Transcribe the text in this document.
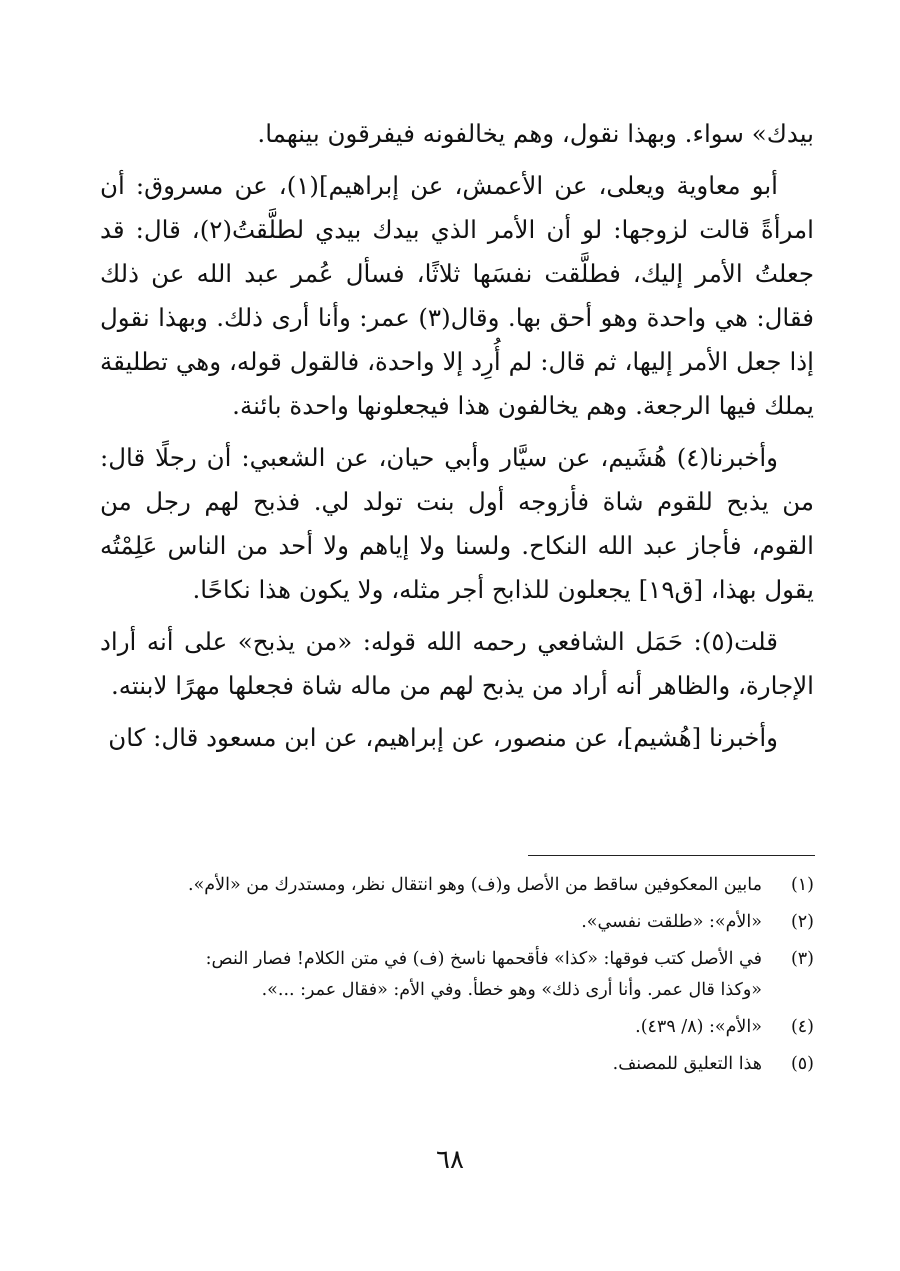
بيدك» سواء. وبهذا نقول، وهم يخالفونه فيفرقون بينهما.

أبو معاوية ويعلى، عن الأعمش، عن إبراهيم](١)، عن مسروق: أن امرأةً قالت لزوجها: لو أن الأمر الذي بيدك بيدي لطلَّقتُ(٢)، قال: قد جعلتُ الأمر إليك، فطلَّقت نفسَها ثلاثًا، فسأل عُمر عبد الله عن ذلك فقال: هي واحدة وهو أحق بها. وقال(٣) عمر: وأنا أرى ذلك. وبهذا نقول إذا جعل الأمر إليها، ثم قال: لم أُرِد إلا واحدة، فالقول قوله، وهي تطليقة يملك فيها الرجعة. وهم يخالفون هذا فيجعلونها واحدة بائنة.

وأخبرنا(٤) هُشَيم، عن سيَّار وأبي حيان، عن الشعبي: أن رجلًا قال: من يذبح للقوم شاة فأزوجه أول بنت تولد لي. فذبح لهم رجل من القوم، فأجاز عبد الله النكاح. ولسنا ولا إياهم ولا أحد من الناس عَلِمْتُه يقول بهذا، [ق١٩] يجعلون للذابح أجر مثله، ولا يكون هذا نكاحًا.

قلت(٥): حَمَل الشافعي رحمه الله قوله: «من يذبح» على أنه أراد الإجارة، والظاهر أنه أراد من يذبح لهم من ماله شاة فجعلها مهرًا لابنته.

وأخبرنا [هُشيم]، عن منصور، عن إبراهيم، عن ابن مسعود قال: كان

(١)
مابين المعكوفين ساقط من الأصل و(ف) وهو انتقال نظر، ومستدرك من «الأم».
(٢)
«الأم»: «طلقت نفسي».
(٣)
في الأصل كتب فوقها: «كذا» فأقحمها ناسخ (ف) في متن الكلام! فصار النص:
«وكذا قال عمر. وأنا أرى ذلك» وهو خطأ. وفي الأم: «فقال عمر: ...».
(٤)
«الأم»: (٨/ ٤٣٩).
(٥)
هذا التعليق للمصنف.
٦٨
